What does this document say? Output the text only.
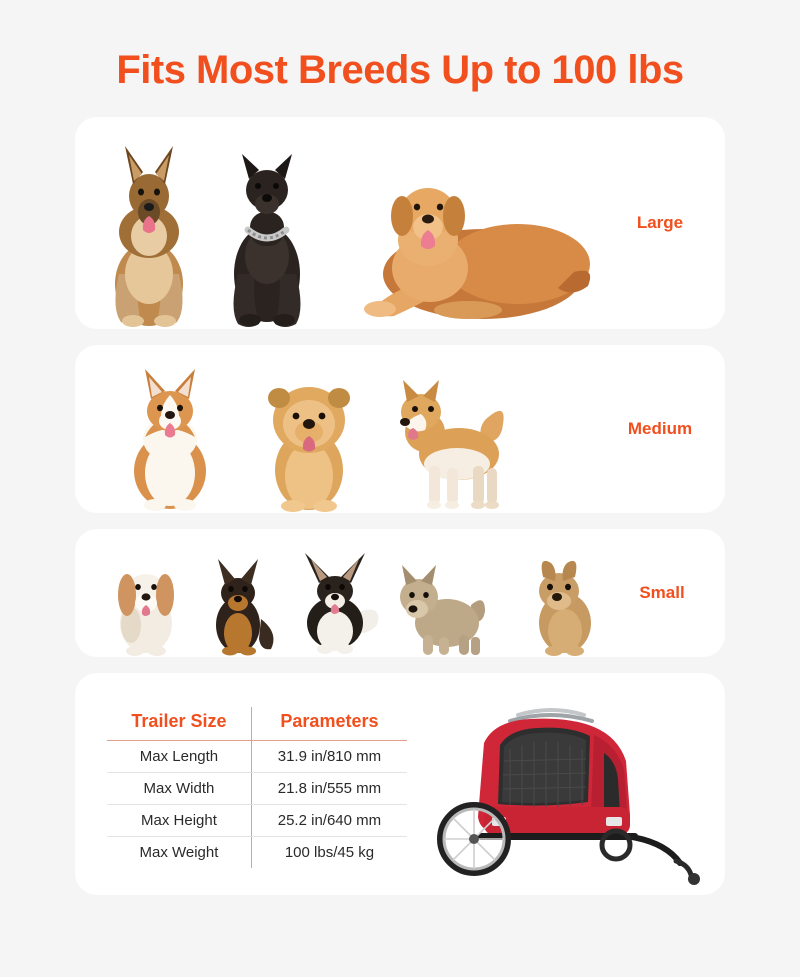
Fits Most Breeds Up to 100 lbs
Large
Medium
Small
Trailer Size	Parameters
Max Length	31.9 in/810 mm
Max Width	21.8 in/555 mm
Max Height	25.2 in/640 mm
Max Weight	100 lbs/45 kg
